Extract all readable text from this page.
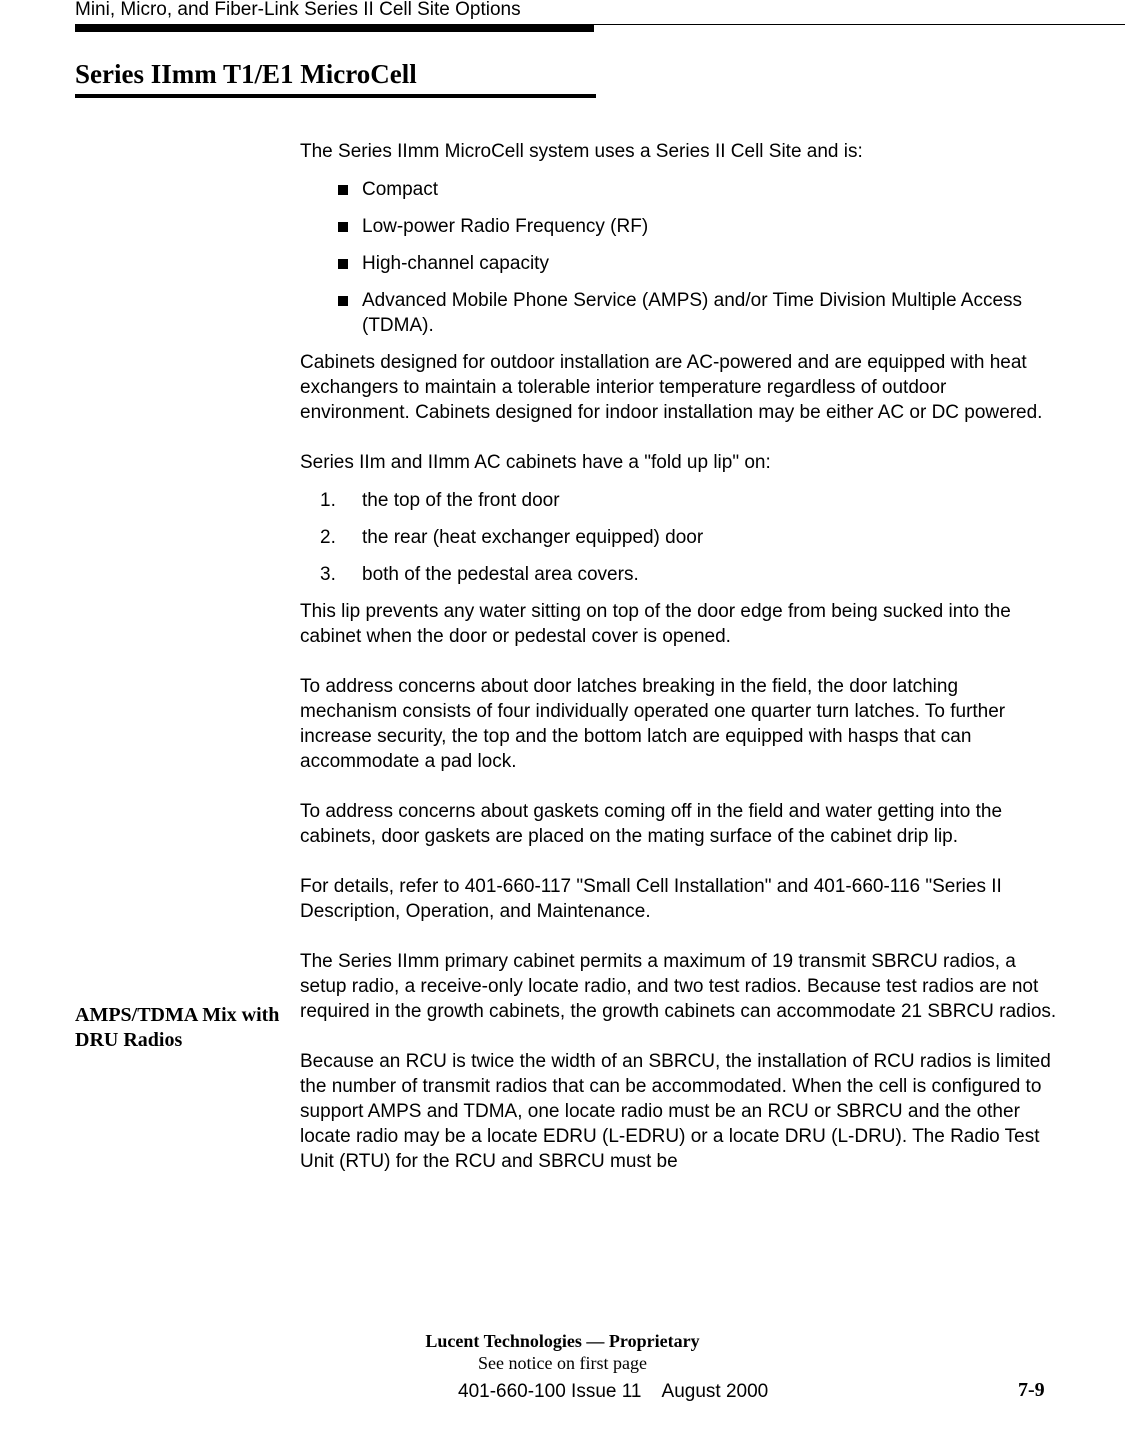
Mini, Micro, and Fiber-Link Series II Cell Site Options
Series IImm T1/E1 MicroCell
AMPS/TDMA Mix with DRU Radios

The Series IImm MicroCell system uses a Series II Cell Site and is:

Compact
Low-power Radio Frequency (RF)
High-channel capacity
Advanced Mobile Phone Service (AMPS) and/or Time Division Multiple Access (TDMA).

Cabinets designed for outdoor installation are AC-powered and are equipped with heat exchangers to maintain a tolerable interior temperature regardless of outdoor environment. Cabinets designed for indoor installation may be either AC or DC powered.

Series IIm and IImm AC cabinets have a "fold up lip" on:

1. the top of the front door
2. the rear (heat exchanger equipped) door
3. both of the pedestal area covers.

This lip prevents any water sitting on top of the door edge from being sucked into the cabinet when the door or pedestal cover is opened.

To address concerns about door latches breaking in the field, the door latching mechanism consists of four individually operated one quarter turn latches. To further increase security, the top and the bottom latch are equipped with hasps that can accommodate a pad lock.

To address concerns about gaskets coming off in the field and water getting into the cabinets, door gaskets are placed on the mating surface of the cabinet drip lip.

For details, refer to 401-660-117 "Small Cell Installation" and 401-660-116 "Series II Description, Operation, and Maintenance.

The Series IImm primary cabinet permits a maximum of 19 transmit SBRCU radios, a setup radio, a receive-only locate radio, and two test radios. Because test radios are not required in the growth cabinets, the growth cabinets can accommodate 21 SBRCU radios.

Because an RCU is twice the width of an SBRCU, the installation of RCU radios is limited the number of transmit radios that can be accommodated. When the cell is configured to support AMPS and TDMA, one locate radio must be an RCU or SBRCU and the other locate radio may be a locate EDRU (L-EDRU) or a locate DRU (L-DRU). The Radio Test Unit (RTU) for the RCU and SBRCU must be

Lucent Technologies — Proprietary
See notice on first page
401-660-100 Issue 11    August 2000	7-9
